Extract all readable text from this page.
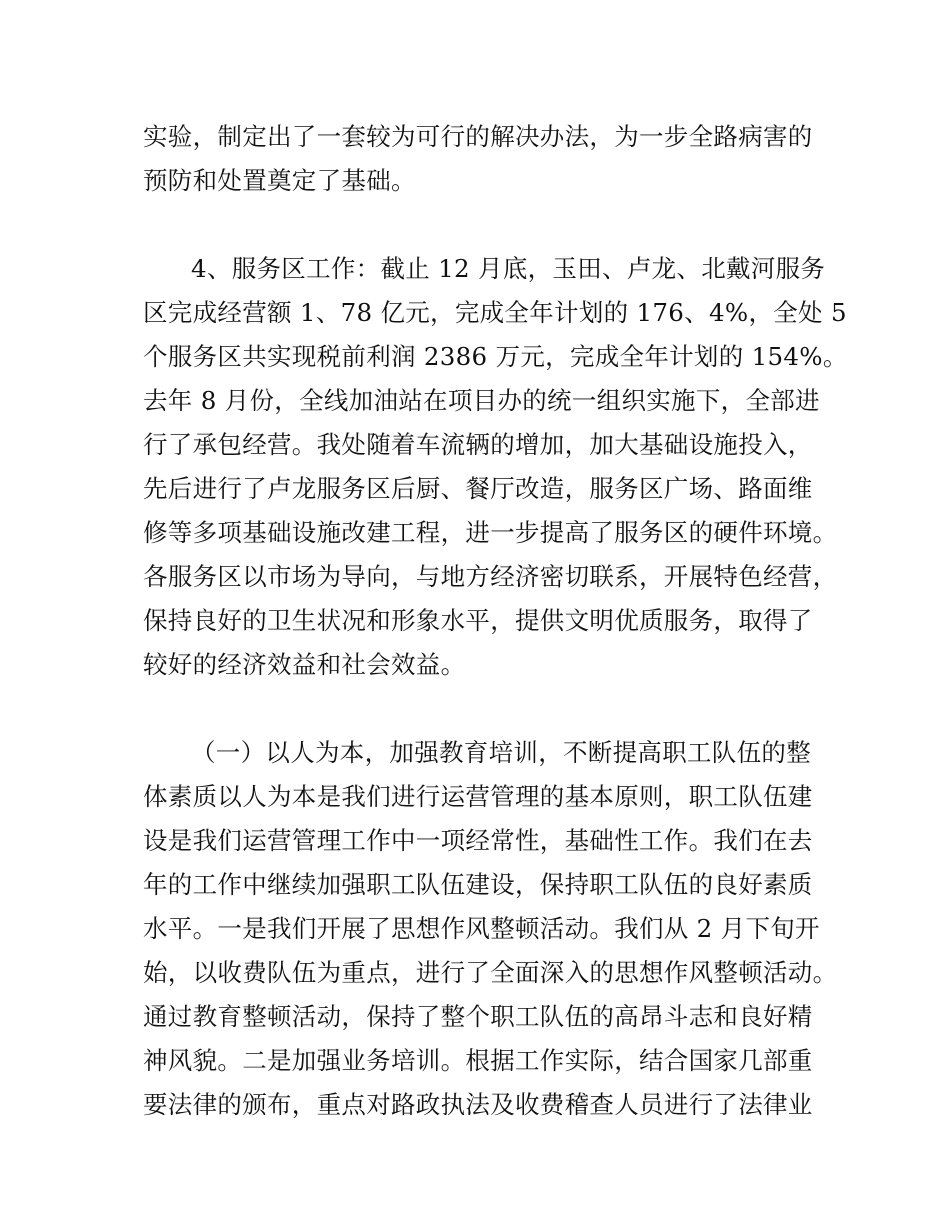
实验，制定出了一套较为可行的解决办法，为一步全路病害的

预防和处置奠定了基础。

4、服务区工作：截止 12 月底，玉田、卢龙、北戴河服务

区完成经营额 1、78 亿元，完成全年计划的 176、4%，全处 5

个服务区共实现税前利润 2386 万元，完成全年计划的 154%。

去年 8 月份，全线加油站在项目办的统一组织实施下，全部进

行了承包经营。我处随着车流辆的增加，加大基础设施投入，

先后进行了卢龙服务区后厨、餐厅改造，服务区广场、路面维

修等多项基础设施改建工程，进一步提高了服务区的硬件环境。

各服务区以市场为导向，与地方经济密切联系，开展特色经营，

保持良好的卫生状况和形象水平，提供文明优质服务，取得了

较好的经济效益和社会效益。

（一）以人为本，加强教育培训，不断提高职工队伍的整

体素质以人为本是我们进行运营管理的基本原则，职工队伍建

设是我们运营管理工作中一项经常性，基础性工作。我们在去

年的工作中继续加强职工队伍建设，保持职工队伍的良好素质

水平。一是我们开展了思想作风整顿活动。我们从 2 月下旬开

始，以收费队伍为重点，进行了全面深入的思想作风整顿活动。

通过教育整顿活动，保持了整个职工队伍的高昂斗志和良好精

神风貌。二是加强业务培训。根据工作实际，结合国家几部重

要法律的颁布，重点对路政执法及收费稽查人员进行了法律业
